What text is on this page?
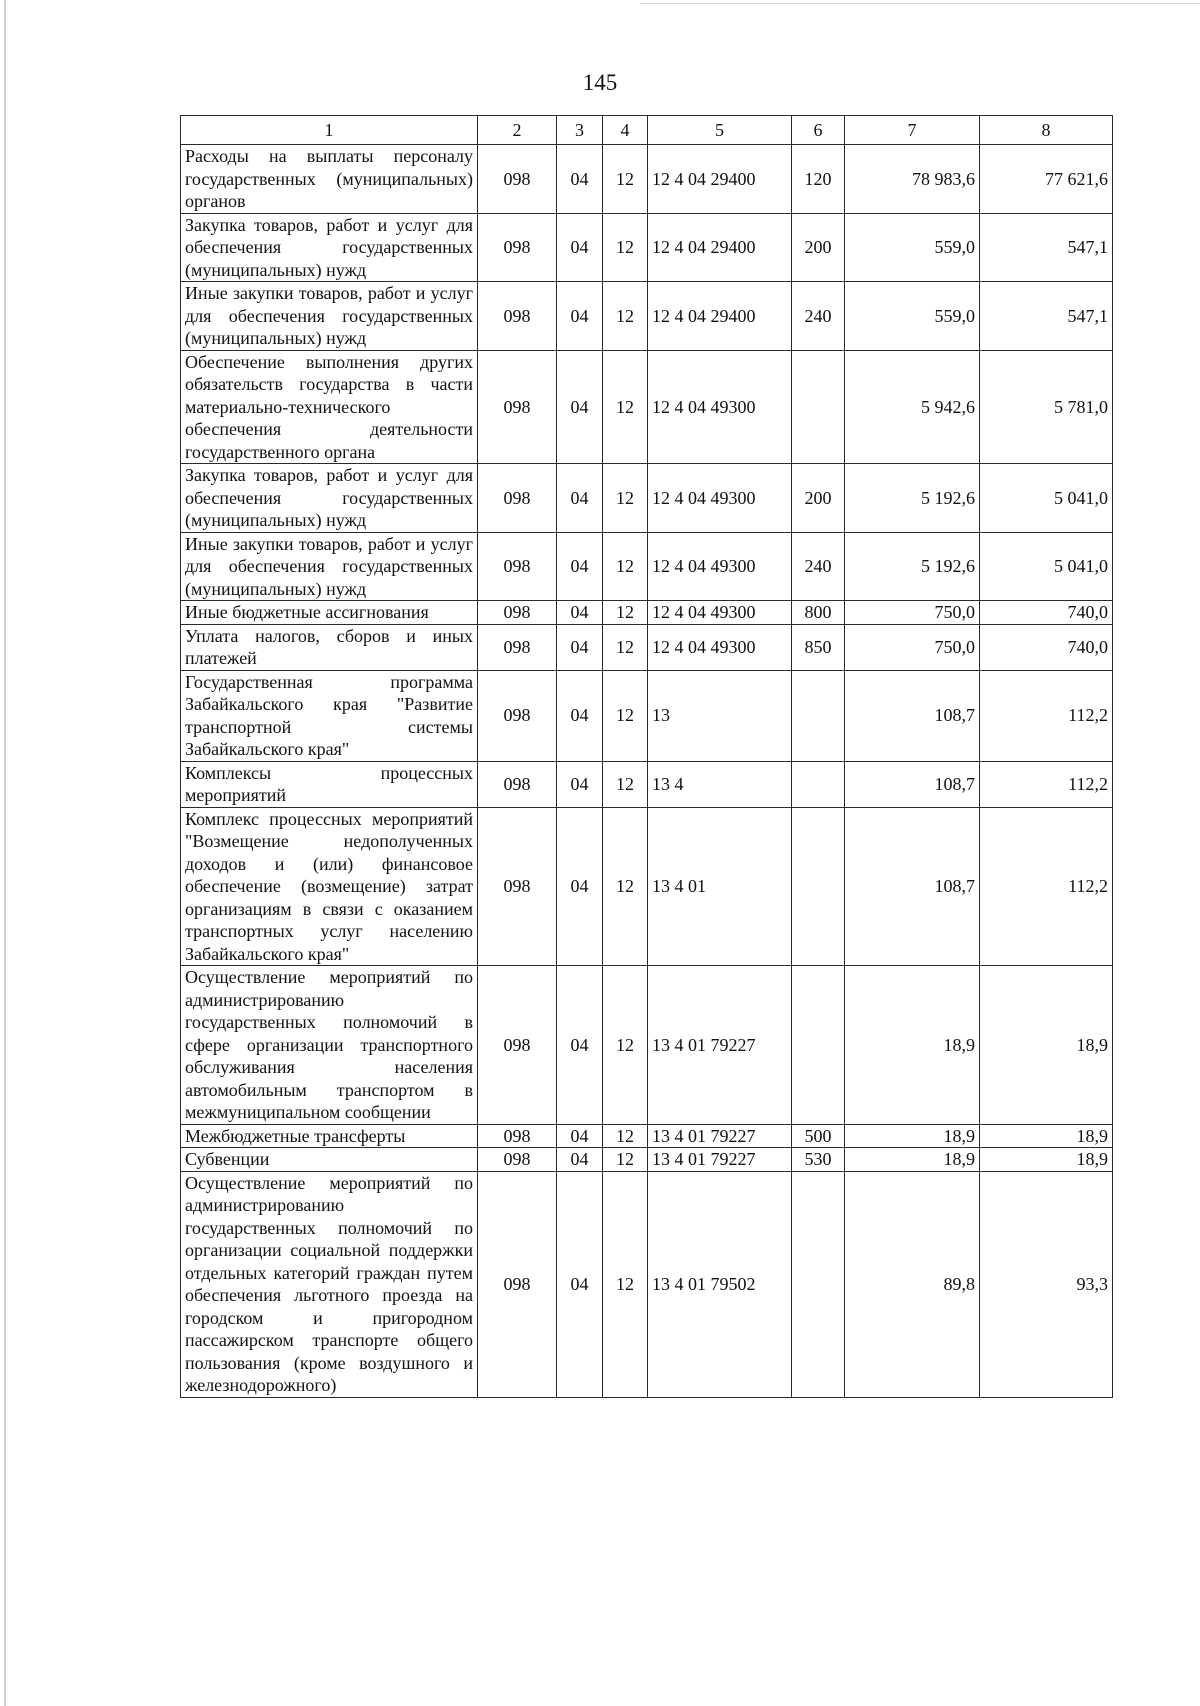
145
1	2	3	4	5	6	7	8
Расходы на выплаты персоналу государственных (муниципальных) органов	098	04	12	12 4 04 29400	120	78 983,6	77 621,6
Закупка товаров, работ и услуг для обеспечения государственных (муниципальных) нужд	098	04	12	12 4 04 29400	200	559,0	547,1
Иные закупки товаров, работ и услуг для обеспечения государственных (муниципальных) нужд	098	04	12	12 4 04 29400	240	559,0	547,1
Обеспечение выполнения других обязательств государства в части материально-технического обеспечения деятельности государственного органа	098	04	12	12 4 04 49300		5 942,6	5 781,0
Закупка товаров, работ и услуг для обеспечения государственных (муниципальных) нужд	098	04	12	12 4 04 49300	200	5 192,6	5 041,0
Иные закупки товаров, работ и услуг для обеспечения государственных (муниципальных) нужд	098	04	12	12 4 04 49300	240	5 192,6	5 041,0
Иные бюджетные ассигнования	098	04	12	12 4 04 49300	800	750,0	740,0
Уплата налогов, сборов и иных платежей	098	04	12	12 4 04 49300	850	750,0	740,0
Государственная программа Забайкальского края "Развитие транспортной системы Забайкальского края"	098	04	12	13		108,7	112,2
Комплексы процессных мероприятий	098	04	12	13 4		108,7	112,2
Комплекс процессных мероприятий "Возмещение недополученных доходов и (или) финансовое обеспечение (возмещение) затрат организациям в связи с оказанием транспортных услуг населению Забайкальского края"	098	04	12	13 4 01		108,7	112,2
Осуществление мероприятий по администрированию государственных полномочий в сфере организации транспортного обслуживания населения автомобильным транспортом в межмуниципальном сообщении	098	04	12	13 4 01 79227		18,9	18,9
Межбюджетные трансферты	098	04	12	13 4 01 79227	500	18,9	18,9
Субвенции	098	04	12	13 4 01 79227	530	18,9	18,9
Осуществление мероприятий по администрированию государственных полномочий по организации социальной поддержки отдельных категорий граждан путем обеспечения льготного проезда на городском и пригородном пассажирском транспорте общего пользования (кроме воздушного и железнодорожного)	098	04	12	13 4 01 79502		89,8	93,3
